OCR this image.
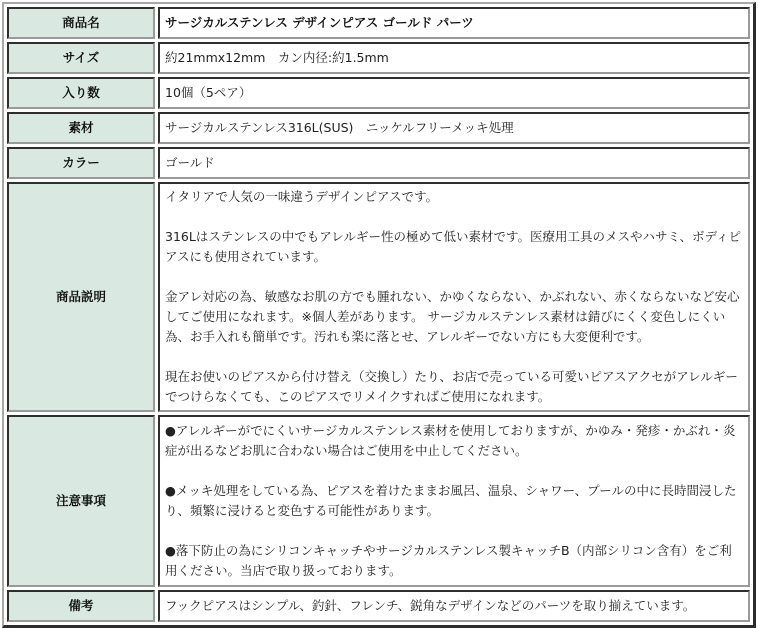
商品名	サージカルステンレス デザインピアス ゴールド パーツ
サイズ	約21mmx12mm　カン内径:約1.5mm
入り数	10個（5ペア）
素材	サージカルステンレス316L(SUS)　ニッケルフリーメッキ処理
カラー	ゴールド
商品説明	イタリアで人気の一味違うデザインピアスです。

316Lはステンレスの中でもアレルギー性の極めて低い素材です。医療用工具のメスやハサミ、ボディピアスにも使用されています。

金アレ対応の為、敏感なお肌の方でも腫れない、かゆくならない、かぶれない、赤くならないなど安心してご使用になれます。※個人差があります。 サージカルステンレス素材は錆びにくく変色しにくい為、お手入れも簡単です。汚れも楽に落とせ、アレルギーでない方にも大変便利です。

現在お使いのピアスから付け替え（交換し）たり、お店で売っている可愛いピアスアクセがアレルギーでつけらなくても、このピアスでリメイクすればご使用になれます。

注意事項	●アレルギーがでにくいサージカルステンレス素材を使用しておりますが、かゆみ・発疹・かぶれ・炎症が出るなどお肌に合わない場合はご使用を中止してください。

●メッキ処理をしている為、ピアスを着けたままお風呂、温泉、シャワー、プールの中に長時間浸したり、頻繁に浸けると変色する可能性があります。

●落下防止の為にシリコンキャッチやサージカルステンレス製キャッチB（内部シリコン含有）をご利用ください。当店で取り扱っております。

備考	フックピアスはシンプル、釣針、フレンチ、鋭角なデザインなどのパーツを取り揃えています。
